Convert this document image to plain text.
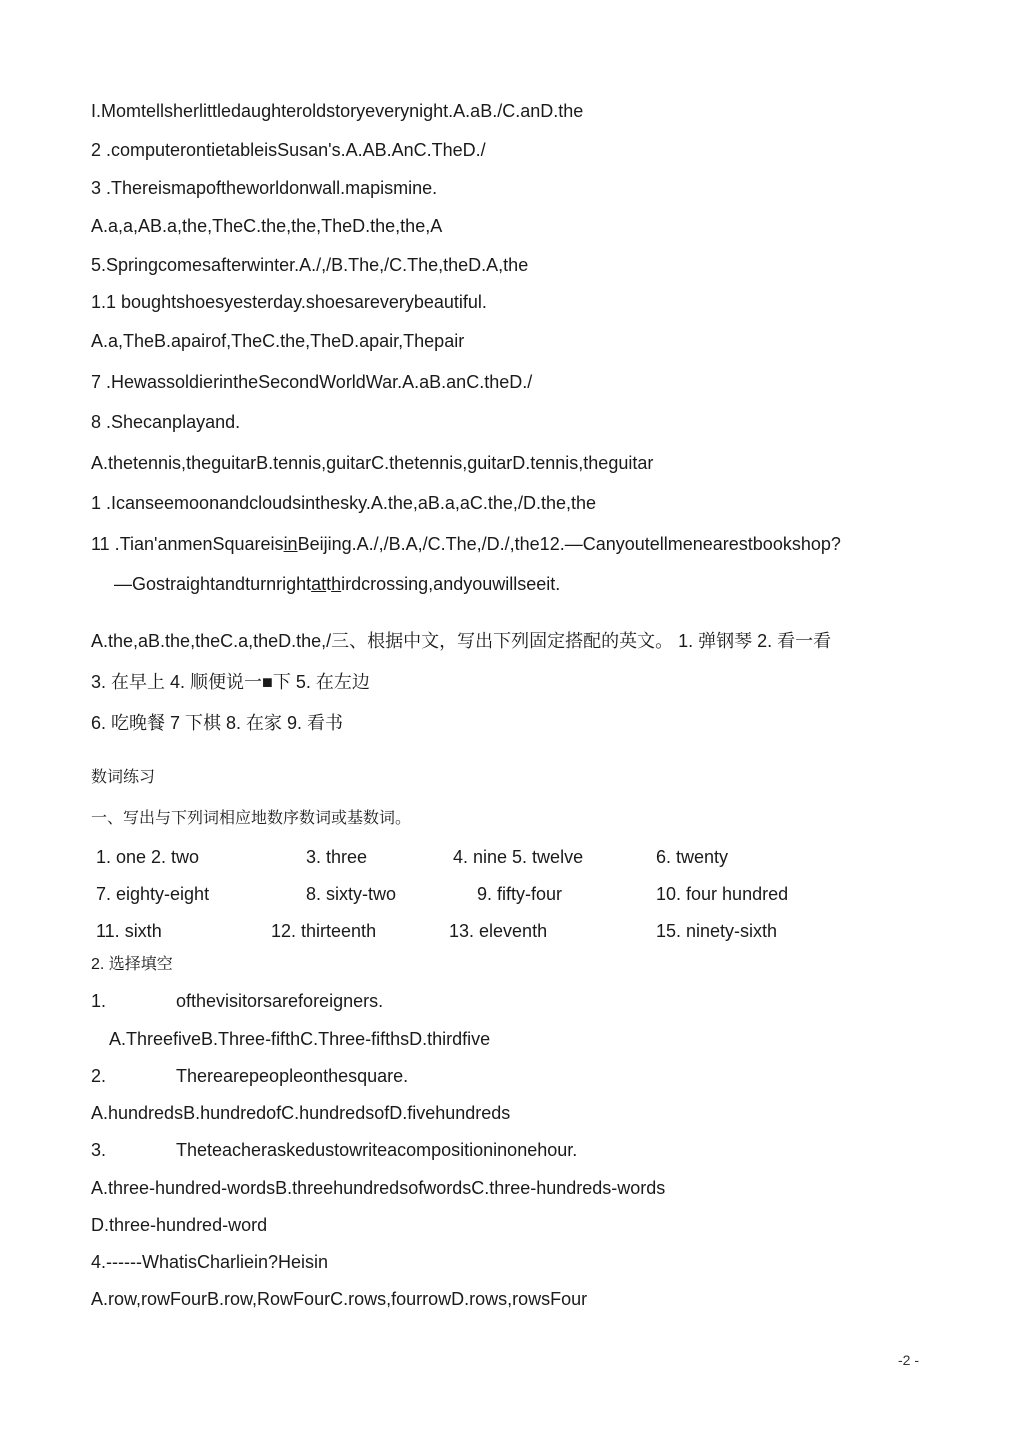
I.Momtellsherlittledaughteroldstoryeverynight.A.aB./C.anD.the
2 .computerontietableisSusan's.A.AB.AnC.TheD./
3 .Thereismapoftheworldonwall.mapismine.
A.a,a,AB.a,the,TheC.the,the,TheD.the,the,A
5.Springcomesafterwinter.A./,/B.The,/C.The,theD.A,the
1.1 boughtshoesyesterday.shoesareverybeautiful.
A.a,TheB.apairof,TheC.the,TheD.apair,Thepair
7 .HewassoldierintheSecondWorldWar.A.aB.anC.theD./
8 .Shecanplayand.
A.thetennis,theguitarB.tennis,guitarC.thetennis,guitarD.tennis,theguitar
1 .Icanseemoonandcloudsinthesky.A.the,aB.a,aC.the,/D.the,the
11 .Tian'anmenSquareisinBeijing.A./,/B.A,/C.The,/D./,the12.—Canyoutellmenearestbookshop?
—Gostraightandturnrightatthirdcrossing,andyouwillseeit.
A.the,aB.the,theC.a,theD.the,/三、根据中文，写出下列固定搭配的英文。 1. 弹钢琴 2. 看一看
3. 在早上 4. 顺便说一■下 5. 在左边
6. 吃晚餐 7 下棋 8. 在家 9. 看书
数词练习
一、写出与下列词相应地数序数词或基数词。
1. one 2. two	3. three	4. nine 5. twelve	6. twenty
7. eighty-eight	8. sixty-two	9. fifty-four	10. four hundred
11. sixth	12. thirteenth	13. eleventh	15. ninety-sixth
2. 选择填空
1.	ofthevisitorsareforeigners.
A.ThreefiveB.Three-fifthC.Three-fifthsD.thirdfive
2.	Therearepeopleonthesquare.
A.hundredsB.hundredofC.hundredsofD.fivehundreds
3.	Theteacheraskedustowriteacompositioninonehour.
A.three-hundred-wordsB.threehundredsofwordsC.three-hundreds-words
D.three-hundred-word
4.------WhatisCharliein?Heisin
A.row,rowFourB.row,RowFourC.rows,fourrowD.rows,rowsFour
-2 -
